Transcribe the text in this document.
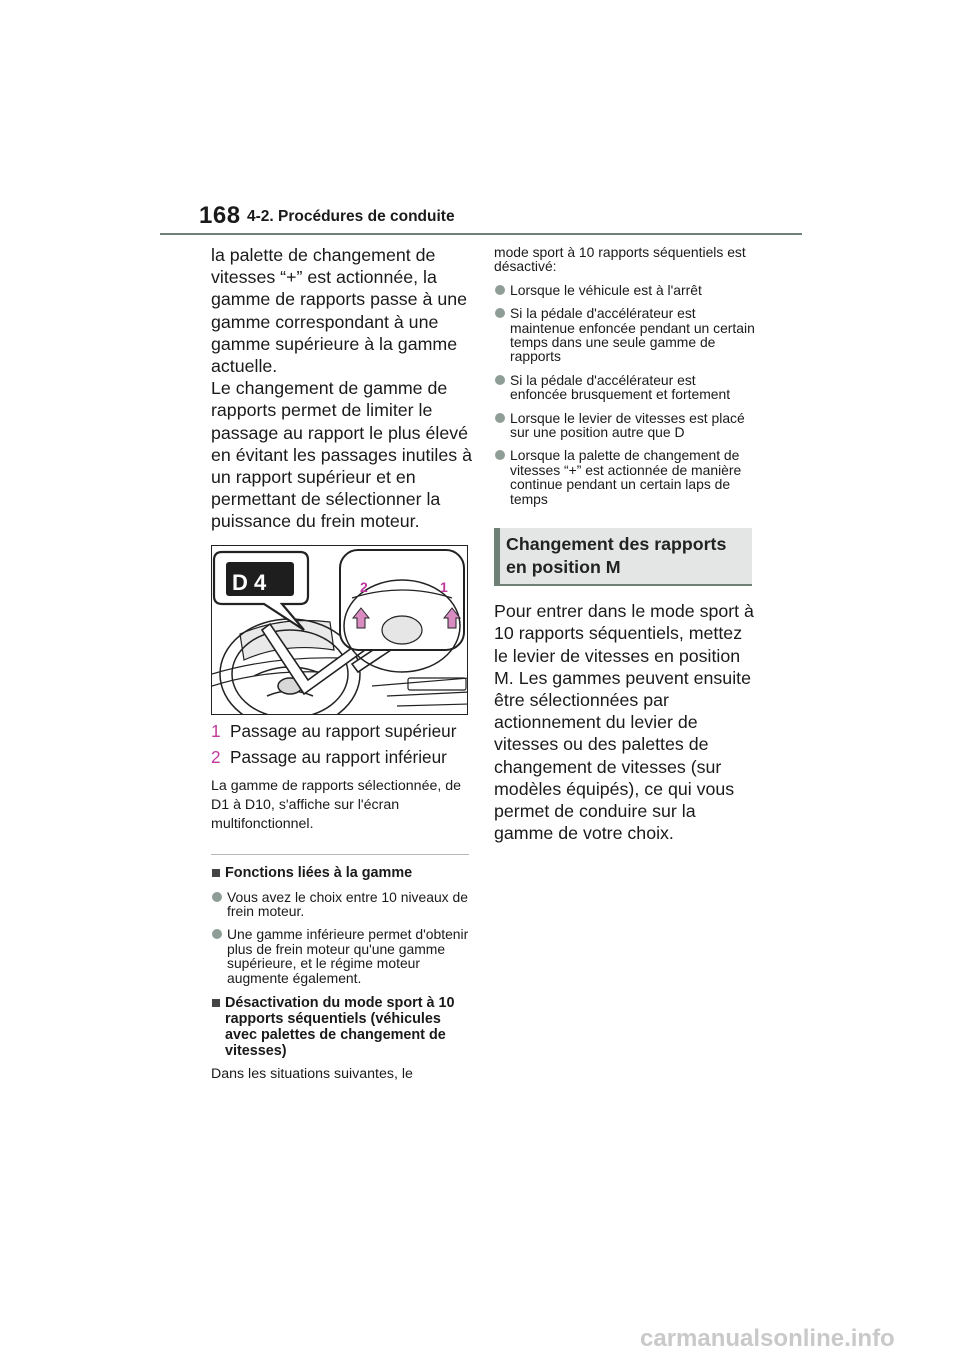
168 4-2. Procédures de conduite

la palette de changement de vitesses “+” est actionnée, la gamme de rapports passe à une gamme correspondant à une gamme supérieure à la gamme actuelle.

Le changement de gamme de rapports permet de limiter le passage au rapport le plus élevé en évitant les passages inutiles à un rapport supérieur et en permettant de sélectionner la puissance du frein moteur.

D 4	2	1
1 Passage au rapport supérieur
2 Passage au rapport inférieur
La gamme de rapports sélectionnée, de D1 à D10, s'affiche sur l'écran multifonctionnel.
Fonctions liées à la gamme
Vous avez le choix entre 10 niveaux de frein moteur.
Une gamme inférieure permet d'obtenir plus de frein moteur qu'une gamme supérieure, et le régime moteur augmente également.
Désactivation du mode sport à 10 rapports séquentiels (véhicules avec palettes de changement de vitesses)
Dans les situations suivantes, le
mode sport à 10 rapports séquentiels est désactivé:
Lorsque le véhicule est à l'arrêt
Si la pédale d'accélérateur est maintenue enfoncée pendant un certain temps dans une seule gamme de rapports
Si la pédale d'accélérateur est enfoncée brusquement et fortement
Lorsque le levier de vitesses est placé sur une position autre que D
Lorsque la palette de changement de vitesses “+” est actionnée de manière continue pendant un certain laps de temps
Changement des rapports en position M

Pour entrer dans le mode sport à 10 rapports séquentiels, mettez le levier de vitesses en position M. Les gammes peuvent ensuite être sélectionnées par actionnement du levier de vitesses ou des palettes de changement de vitesses (sur modèles équipés), ce qui vous permet de conduire sur la gamme de votre choix.

carmanualsonline.info
